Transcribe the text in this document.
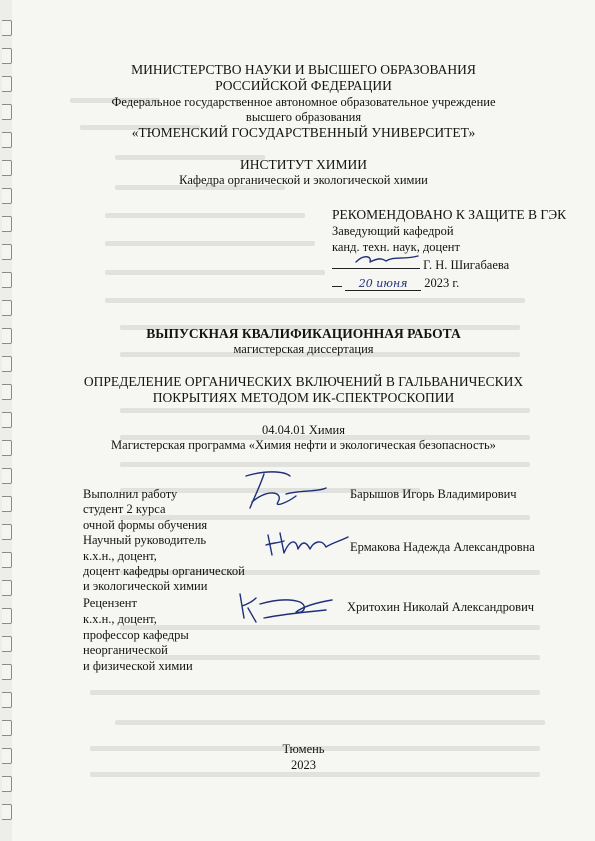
МИНИСТЕРСТВО НАУКИ И ВЫСШЕГО ОБРАЗОВАНИЯ
РОССИЙСКОЙ ФЕДЕРАЦИИ
Федеральное государственное автономное образовательное учреждение
высшего образования
«ТЮМЕНСКИЙ ГОСУДАРСТВЕННЫЙ УНИВЕРСИТЕТ»
ИНСТИТУТ ХИМИИ
Кафедра органической и экологической химии
РЕКОМЕНДОВАНО К ЗАЩИТЕ В ГЭК
Заведующий кафедрой
канд. техн. наук, доцент
Г. Н. Шигабаева
20 июня 2023 г.
ВЫПУСКНАЯ КВАЛИФИКАЦИОННАЯ РАБОТА
магистерская диссертация
ОПРЕДЕЛЕНИЕ ОРГАНИЧЕСКИХ ВКЛЮЧЕНИЙ В ГАЛЬВАНИЧЕСКИХ
ПОКРЫТИЯХ МЕТОДОМ ИК-СПЕКТРОСКОПИИ
04.04.01 Химия
Магистерская программа «Химия нефти и экологическая безопасность»
Выполнил работу
студент 2 курса
очной формы обучения
Барышов Игорь Владимирович
Научный руководитель
к.х.н., доцент,
доцент кафедры органической
и экологической химии
Ермакова Надежда Александровна
Рецензент
к.х.н., доцент,
профессор кафедры
неорганической
и физической химии
Хритохин Николай Александрович
Тюмень
2023
